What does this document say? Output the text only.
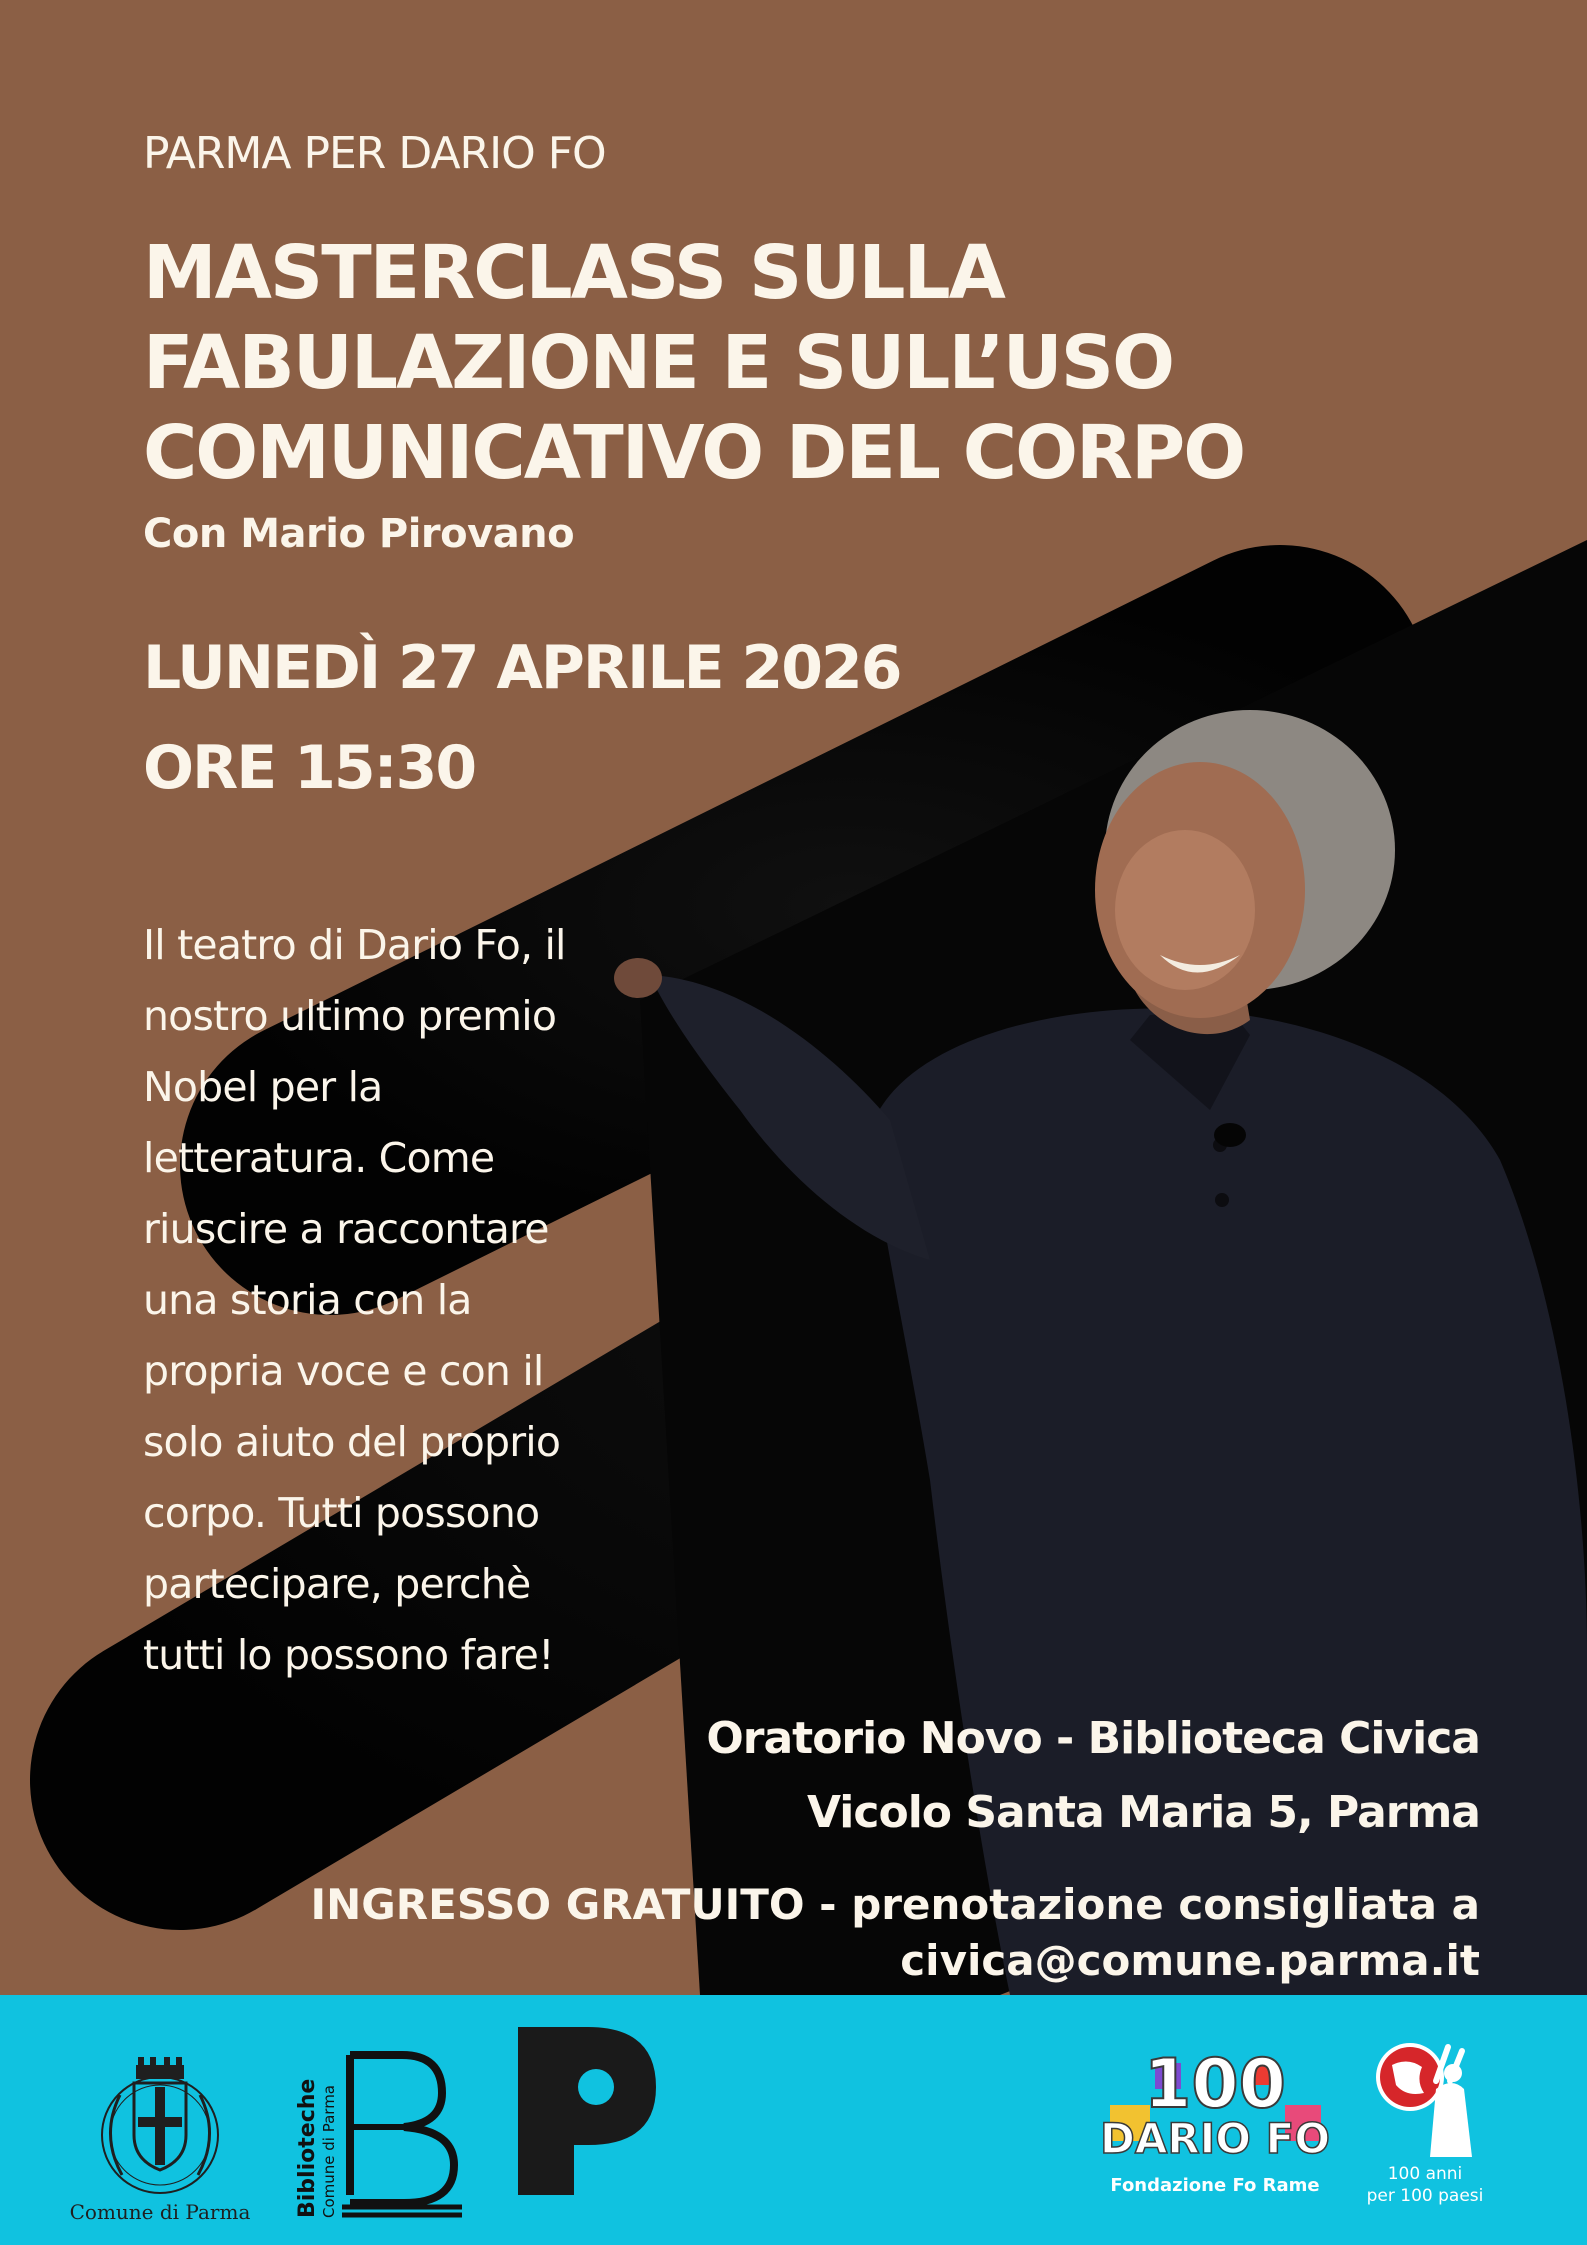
PARMA PER DARIO FO

MASTERCLASS SULLA
FABULAZIONE E SULL’USO
COMUNICATIVO DEL CORPO

Con Mario Pirovano

LUNEDÌ 27 APRILE 2026

ORE 15:30

Il teatro di Dario Fo, il

nostro ultimo premio

Nobel per la

letteratura. Come

riuscire a raccontare

una storia con la

propria voce e con il

solo aiuto del proprio

corpo. Tutti possono

partecipare, perchè

tutti lo possono fare!

Oratorio Novo - Biblioteca Civica

Vicolo Santa Maria 5, Parma

INGRESSO GRATUITO - prenotazione consigliata a
civica@comune.parma.it

Comune di Parma	Biblioteche Comune di Parma
100
DARIO FO
Fondazione Fo Rame
100 anni
per 100 paesi
